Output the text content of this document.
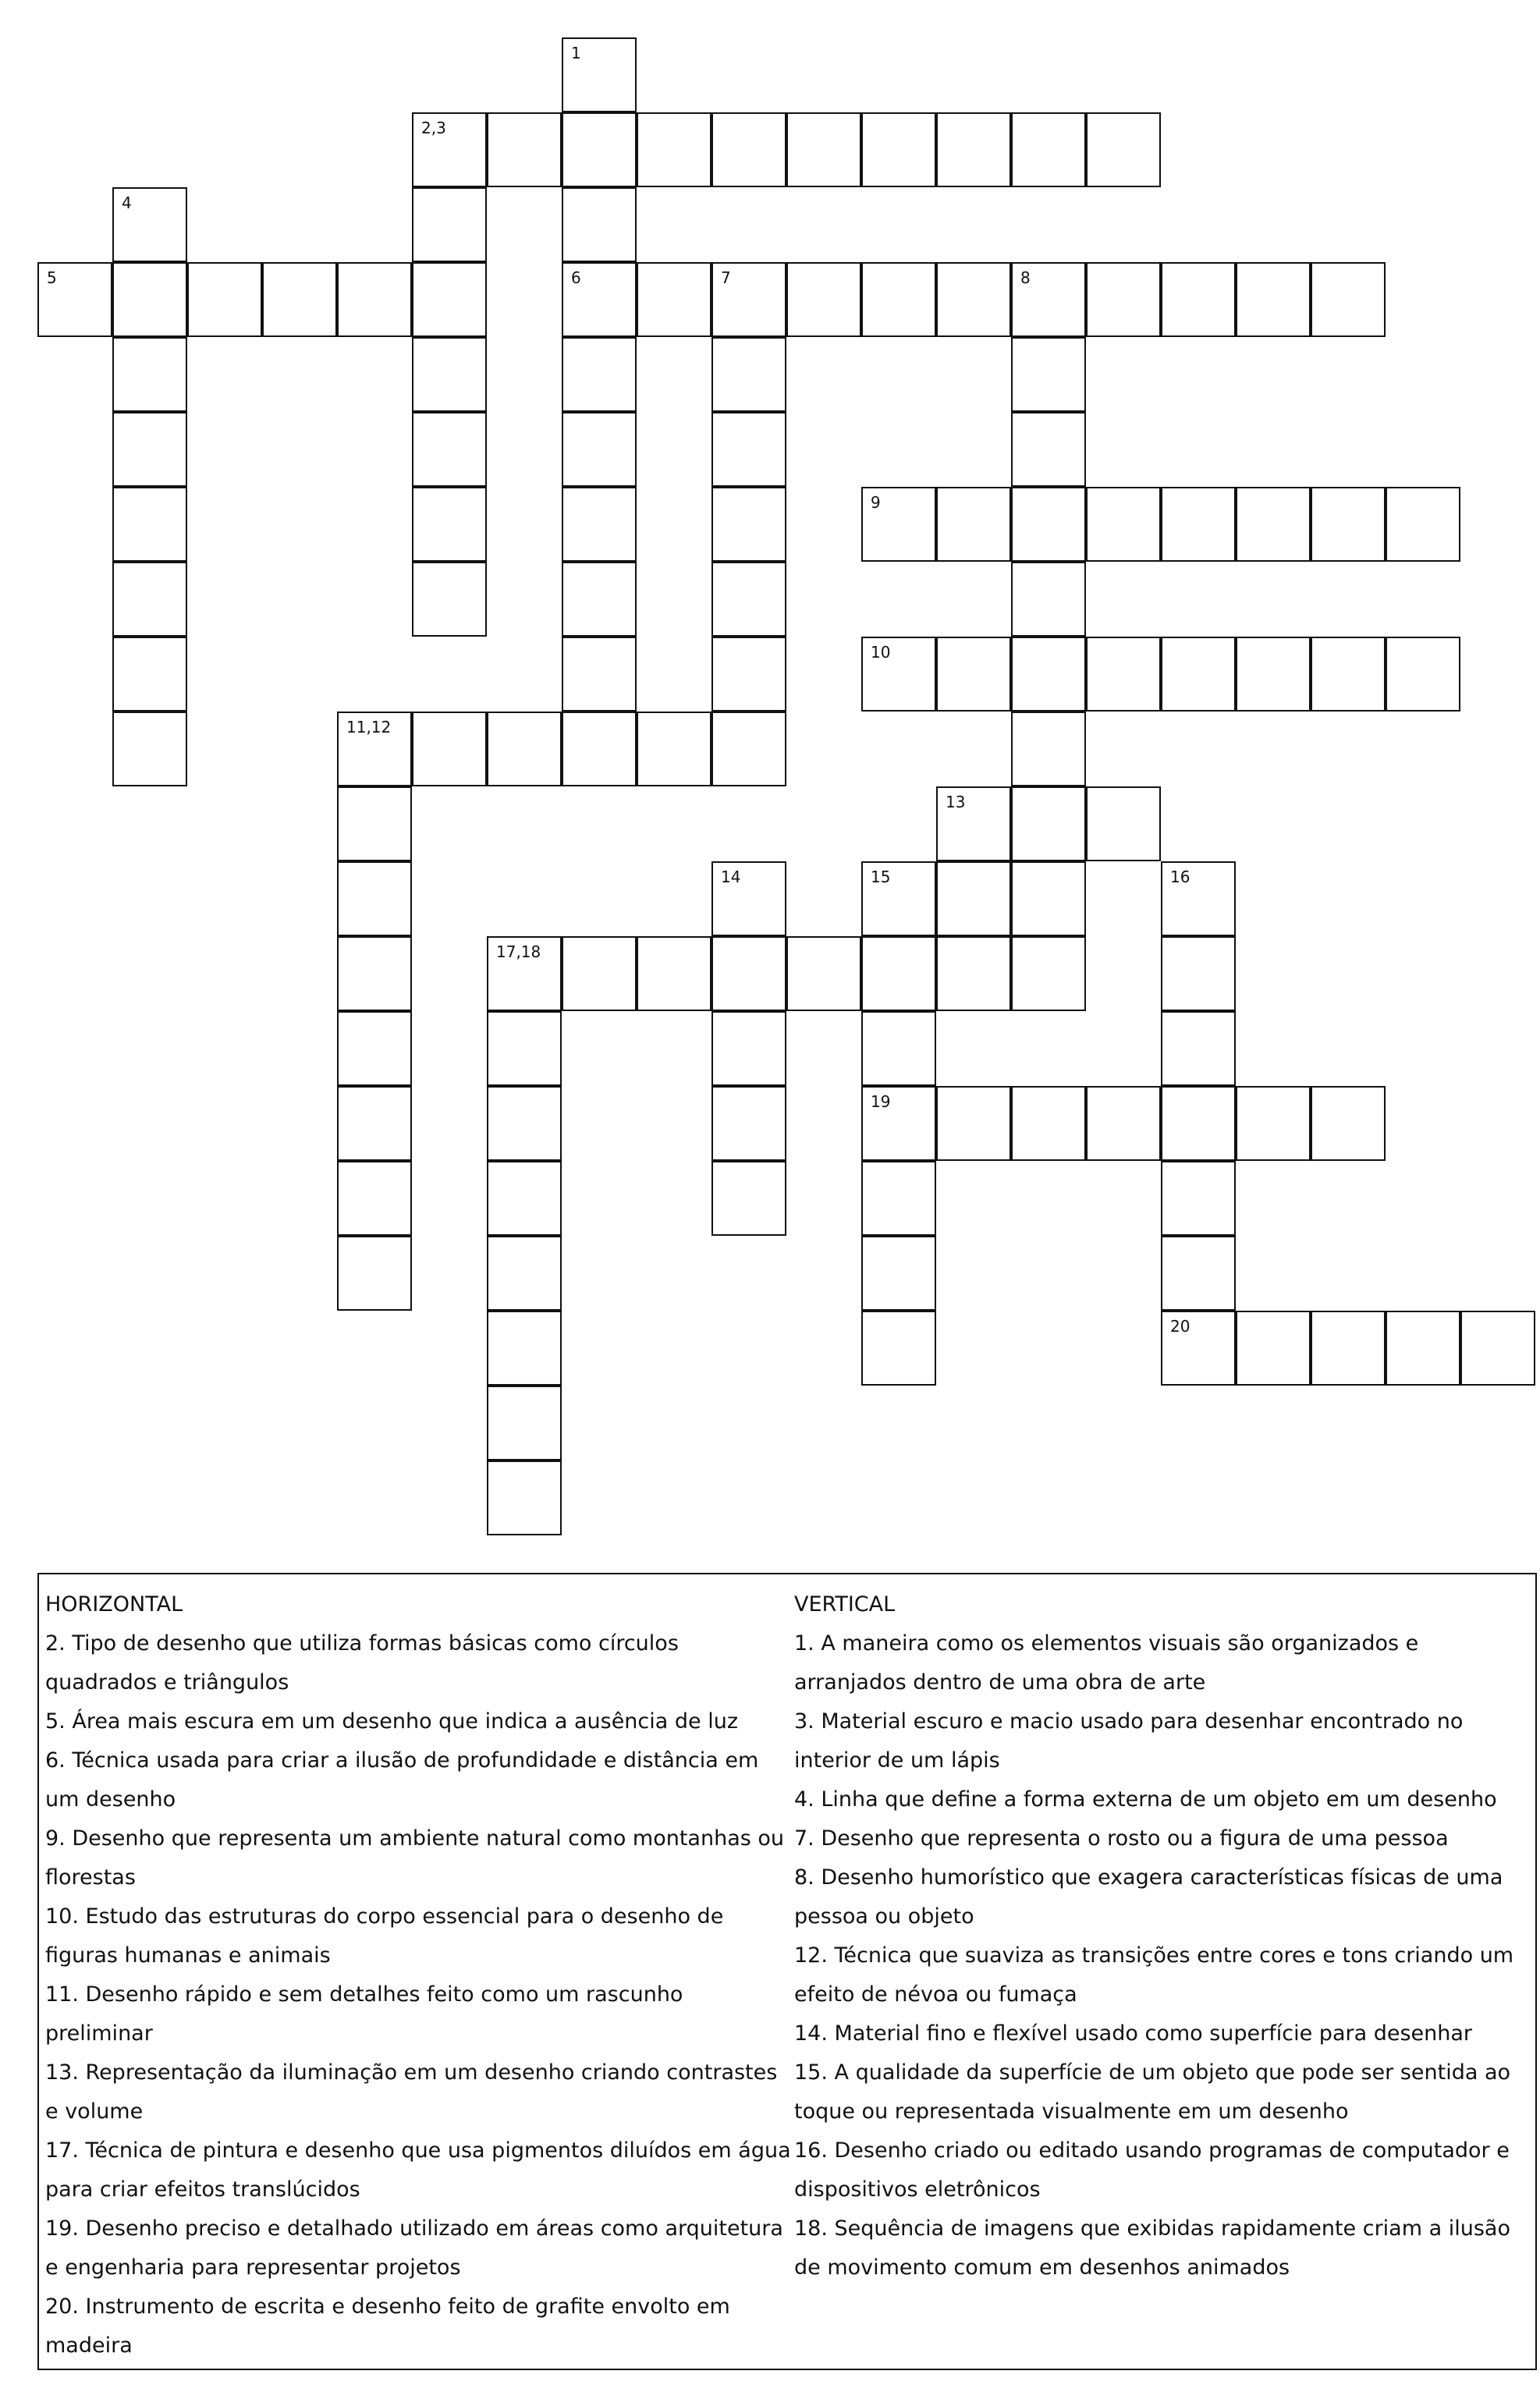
1
2,3
4
5	6	7	8
9
10
11,12
13
14	15	16
17,18
19
20

HORIZONTAL

2. Tipo de desenho que utiliza formas básicas como círculos quadrados e triângulos

5. Área mais escura em um desenho que indica a ausência de luz

6. Técnica usada para criar a ilusão de profundidade e distância em um desenho

9. Desenho que representa um ambiente natural como montanhas ou florestas

10. Estudo das estruturas do corpo essencial para o desenho de figuras humanas e animais

11. Desenho rápido e sem detalhes feito como um rascunho preliminar

13. Representação da iluminação em um desenho criando contrastes e volume

17. Técnica de pintura e desenho que usa pigmentos diluídos em água para criar efeitos translúcidos

19. Desenho preciso e detalhado utilizado em áreas como arquitetura e engenharia para representar projetos

20. Instrumento de escrita e desenho feito de grafite envolto em madeira

VERTICAL

1. A maneira como os elementos visuais são organizados e arranjados dentro de uma obra de arte

3. Material escuro e macio usado para desenhar encontrado no interior de um lápis

4. Linha que define a forma externa de um objeto em um desenho

7. Desenho que representa o rosto ou a figura de uma pessoa

8. Desenho humorístico que exagera características físicas de uma pessoa ou objeto

12. Técnica que suaviza as transições entre cores e tons criando um efeito de névoa ou fumaça

14. Material fino e flexível usado como superfície para desenhar

15. A qualidade da superfície de um objeto que pode ser sentida ao toque ou representada visualmente em um desenho

16. Desenho criado ou editado usando programas de computador e dispositivos eletrônicos

18. Sequência de imagens que exibidas rapidamente criam a ilusão de movimento comum em desenhos animados
